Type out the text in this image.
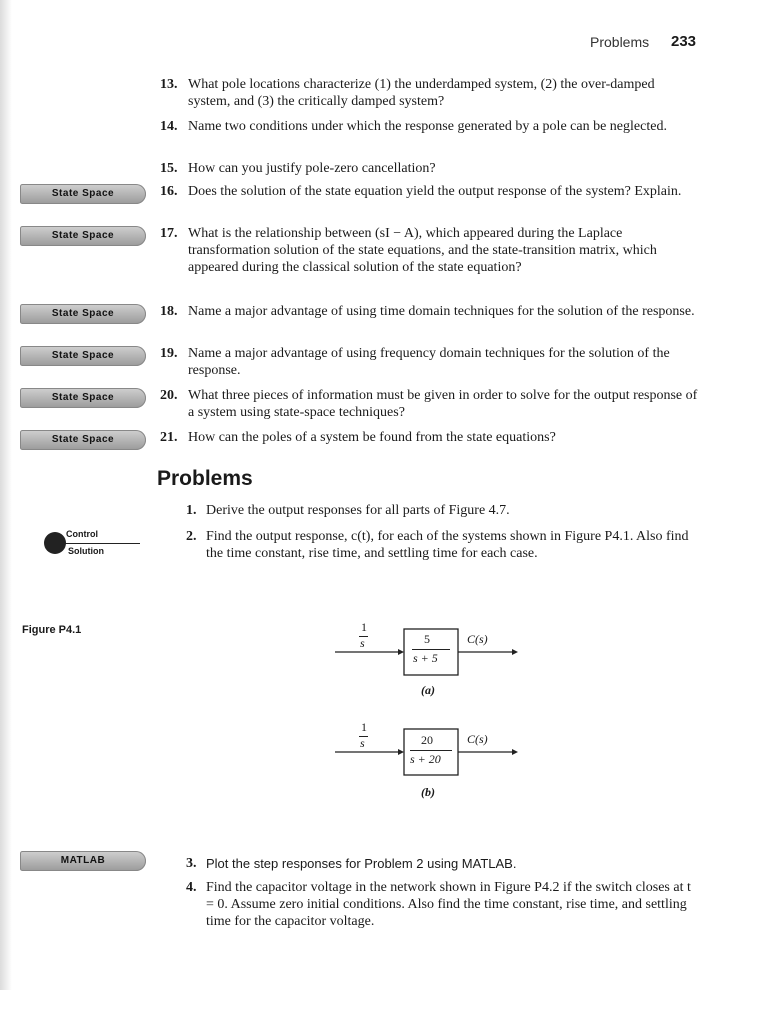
Problems 233
13. What pole locations characterize (1) the underdamped system, (2) the over-damped system, and (3) the critically damped system?
14. Name two conditions under which the response generated by a pole can be neglected.
15. How can you justify pole-zero cancellation?
16. Does the solution of the state equation yield the output response of the system? Explain.
17. What is the relationship between (sI − A), which appeared during the Laplace transformation solution of the state equations, and the state-transition matrix, which appeared during the classical solution of the state equation?
18. Name a major advantage of using time domain techniques for the solution of the response.
19. Name a major advantage of using frequency domain techniques for the solution of the response.
20. What three pieces of information must be given in order to solve for the output response of a system using state-space techniques?
21. How can the poles of a system be found from the state equations?
State Space
State Space
State Space
State Space
State Space
State Space
Problems
1. Derive the output responses for all parts of Figure 4.7.
2. Find the output response, c(t), for each of the systems shown in Figure P4.1. Also find the time constant, rise time, and settling time for each case.
Control
Solution
Figure P4.1	1
s	5
s + 5
C(s)
(a)
1
s	20
s + 20
C(s)
(b)
MATLAB	3. Plot the step responses for Problem 2 using MATLAB.
4. Find the capacitor voltage in the network shown in Figure P4.2 if the switch closes at t = 0. Assume zero initial conditions. Also find the time constant, rise time, and settling time for the capacitor voltage.
